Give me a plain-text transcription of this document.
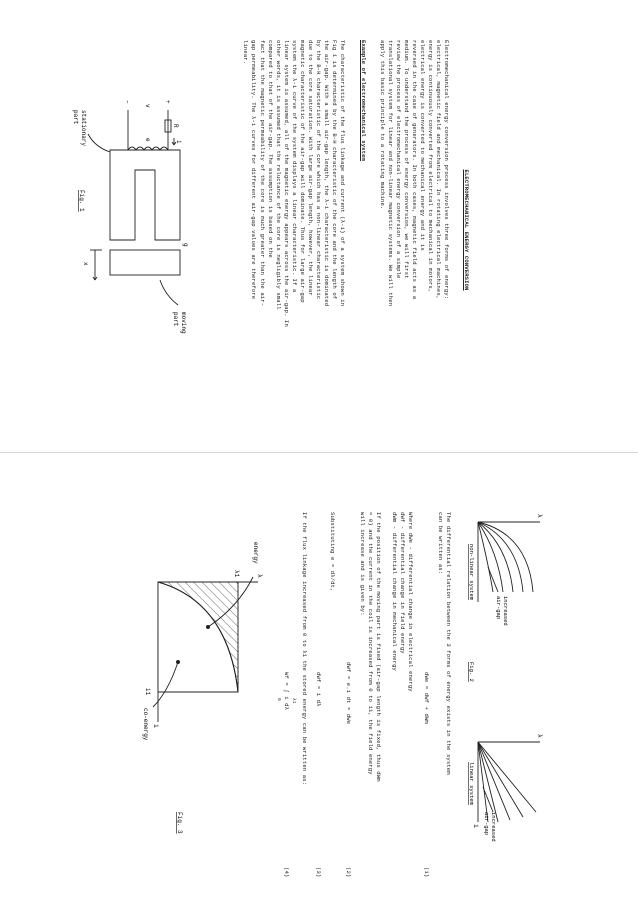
ELECTROMECHANICAL ENERGY CONVERSION

Electromechanical energy conversion process involves three forms of energy:

electrical, magnetic field and mechanical. In rotating electrical machines,

energy is continuously converted from electrical to mechanical in motors,

electrical energy is converted to mechanical energy and it is

reversed in the case of generators. In both cases, magnetic field acts as a

medium. To understand the process of energy conversion, we will first

review the process of electromechanical energy conversion of a simple

translational system for linear and non-linear magnetic systems. We will then

apply this basic principle to a rotating machine.

Example of electromechanical system

The characteristic of the flux linkage and current (λ-i) of a system shown in

Fig 1 is determined by the B-H characteristic of the core and the length of

the air-gap. With a small air-gap length, the λ-i characteristic is dominated

by the B-H characteristic of the core which has a non-linear characteristic

due to the core saturation. With large air-gap length, however, the linear

magnetic characteristic of the air-gap will dominate. Thus for large air-gap

system the λ-i curve of the system displays a linear characteristic. If a

linear system is assumed, all of the magnetic energy appears across the air-gap. In

other words, it is assumed that the reluctance of the core is negligibly small

compared to that of the air-gap. The assumption is based on the

fact that the magnetic permeability of the core is much greater than the air-

gap permeability. The λ-i curves for different air-gap values are therefore

linear.

+
–
v
R
i
e
g
x
moving
part
stationary
part
Fig. 1
λ
λ
i
increased
air-gap
increased
air-gap
non-linear system
linear system
Fig. 2

The differential relation between the 3 forms of energy exists in the system

can be written as:

dWe = dWf + dWm
(1)

Where dWe - differential change in electrical energy

dWf - differential change in field energy

dWm - differential change in mechanical energy

If the position of the moving part is fixed (air-gap length is fixed, thus dWm

= 0) and the current in the coil is increased from 0 to i1, the field energy

will increase and is given by:

dWf = e.i dt = dWe
(2)
Substituting e = dλ/dt,
dWf = i dλ
(3)
If the flux linkage increased from 0 to λ1 the stored energy can be written as:
Wf = ∫ i dλ λ1
0
(4)
λ
λ1
i
i1
energy
co-energy
Fig. 3
